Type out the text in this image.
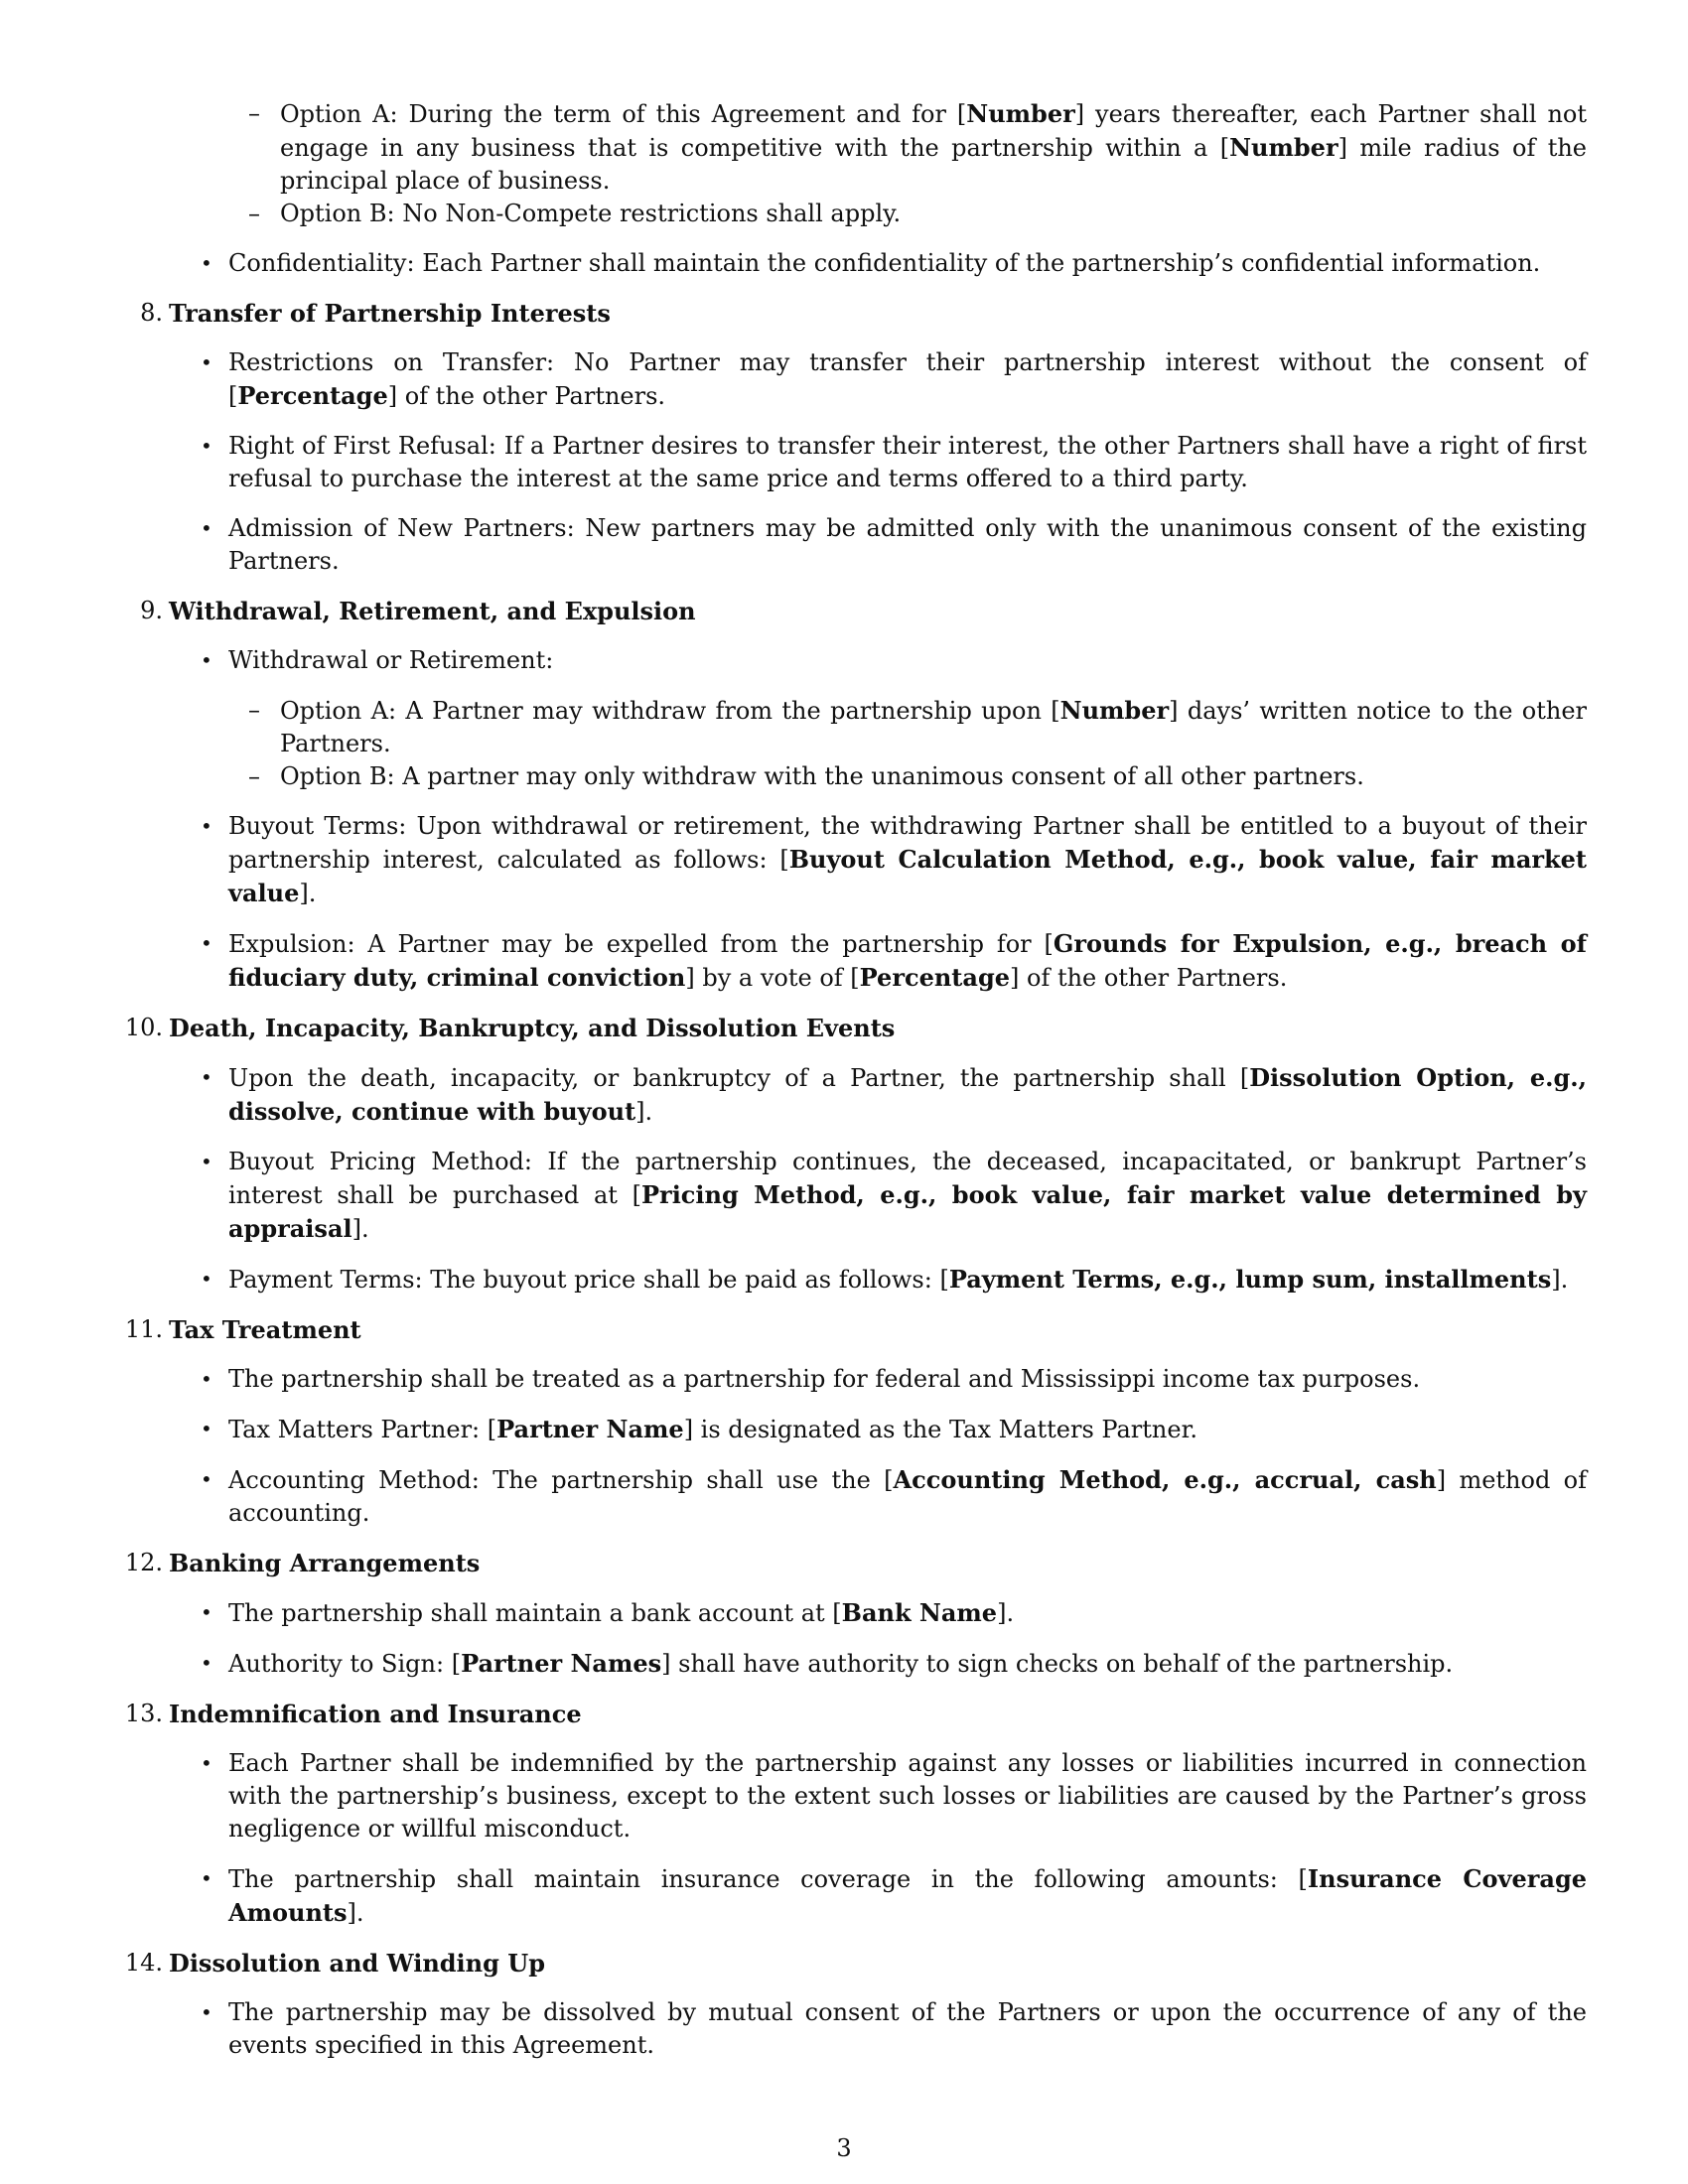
– Option A: During the term of this Agreement and for [Number] years thereafter, each Partner shall not engage in any business that is competitive with the partnership within a [Number] mile radius of the principal place of business.
– Option B: No Non-Compete restrictions shall apply.
• Confidentiality: Each Partner shall maintain the confidentiality of the partnership’s confidential information.
8. Transfer of Partnership Interests
• Restrictions on Transfer: No Partner may transfer their partnership interest without the consent of [Percentage] of the other Partners.
• Right of First Refusal: If a Partner desires to transfer their interest, the other Partners shall have a right of first refusal to purchase the interest at the same price and terms offered to a third party.
• Admission of New Partners: New partners may be admitted only with the unanimous consent of the existing Partners.
9. Withdrawal, Retirement, and Expulsion
• Withdrawal or Retirement:
– Option A: A Partner may withdraw from the partnership upon [Number] days’ written notice to the other Partners.
– Option B: A partner may only withdraw with the unanimous consent of all other partners.
• Buyout Terms: Upon withdrawal or retirement, the withdrawing Partner shall be entitled to a buyout of their partnership interest, calculated as follows: [Buyout Calculation Method, e.g., book value, fair market value].
• Expulsion: A Partner may be expelled from the partnership for [Grounds for Expulsion, e.g., breach of fiduciary duty, criminal conviction] by a vote of [Percentage] of the other Partners.
10. Death, Incapacity, Bankruptcy, and Dissolution Events
• Upon the death, incapacity, or bankruptcy of a Partner, the partnership shall [Dissolution Option, e.g., dissolve, continue with buyout].
• Buyout Pricing Method: If the partnership continues, the deceased, incapacitated, or bankrupt Partner’s interest shall be purchased at [Pricing Method, e.g., book value, fair market value determined by appraisal].
• Payment Terms: The buyout price shall be paid as follows: [Payment Terms, e.g., lump sum, installments].
11. Tax Treatment
• The partnership shall be treated as a partnership for federal and Mississippi income tax purposes.
• Tax Matters Partner: [Partner Name] is designated as the Tax Matters Partner.
• Accounting Method: The partnership shall use the [Accounting Method, e.g., accrual, cash] method of accounting.
12. Banking Arrangements
• The partnership shall maintain a bank account at [Bank Name].
• Authority to Sign: [Partner Names] shall have authority to sign checks on behalf of the partnership.
13. Indemnification and Insurance
• Each Partner shall be indemnified by the partnership against any losses or liabilities incurred in connection with the partnership’s business, except to the extent such losses or liabilities are caused by the Partner’s gross negligence or willful misconduct.
• The partnership shall maintain insurance coverage in the following amounts: [Insurance Coverage Amounts].
14. Dissolution and Winding Up
• The partnership may be dissolved by mutual consent of the Partners or upon the occurrence of any of the events specified in this Agreement.
3
